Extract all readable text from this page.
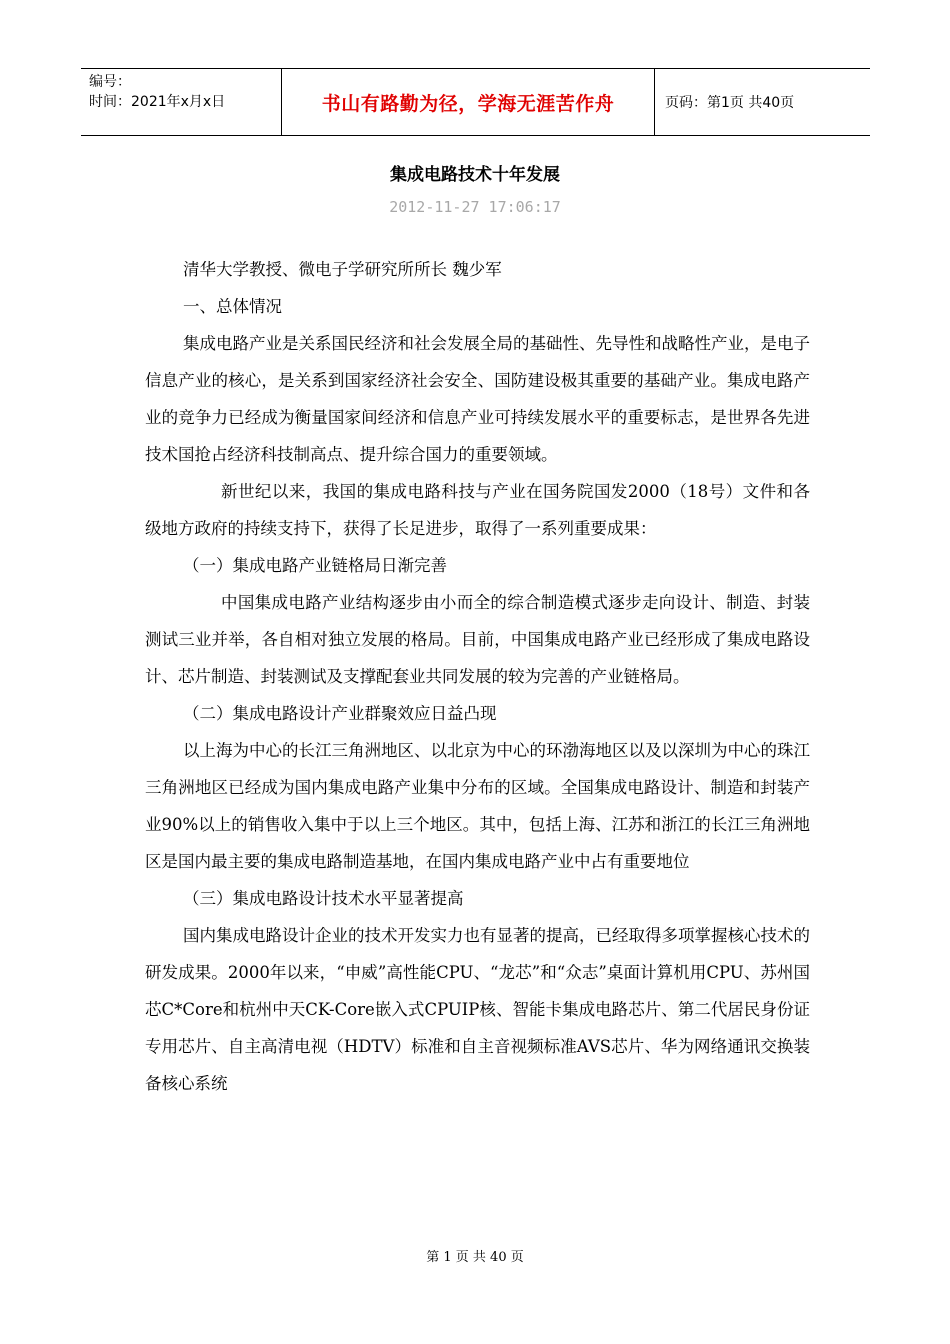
编号：
时间：2021年x月x日	书山有路勤为径，学海无涯苦作舟	页码：第1页 共40页
集成电路技术十年发展
2012-11-27 17:06:17

清华大学教授、微电子学研究所所长 魏少军

一、总体情况

集成电路产业是关系国民经济和社会发展全局的基础性、先导性和战略性产业，是电子信息产业的核心，是关系到国家经济社会安全、国防建设极其重要的基础产业。集成电路产业的竞争力已经成为衡量国家间经济和信息产业可持续发展水平的重要标志，是世界各先进技术国抢占经济科技制高点、提升综合国力的重要领域。

新世纪以来，我国的集成电路科技与产业在国务院国发2000（18号）文件和各级地方政府的持续支持下，获得了长足进步，取得了一系列重要成果：

（一）集成电路产业链格局日渐完善

中国集成电路产业结构逐步由小而全的综合制造模式逐步走向设计、制造、封装测试三业并举，各自相对独立发展的格局。目前，中国集成电路产业已经形成了集成电路设计、芯片制造、封装测试及支撑配套业共同发展的较为完善的产业链格局。

（二）集成电路设计产业群聚效应日益凸现

以上海为中心的长江三角洲地区、以北京为中心的环渤海地区以及以深圳为中心的珠江三角洲地区已经成为国内集成电路产业集中分布的区域。全国集成电路设计、制造和封装产业90%以上的销售收入集中于以上三个地区。其中，包括上海、江苏和浙江的长江三角洲地区是国内最主要的集成电路制造基地，在国内集成电路产业中占有重要地位

（三）集成电路设计技术水平显著提高

国内集成电路设计企业的技术开发实力也有显著的提高，已经取得多项掌握核心技术的研发成果。2000年以来，“申威”高性能CPU、“龙芯”和“众志”桌面计算机用CPU、苏州国芯C*Core和杭州中天CK-Core嵌入式CPUIP核、智能卡集成电路芯片、第二代居民身份证专用芯片、自主高清电视（HDTV）标准和自主音视频标准AVS芯片、华为网络通讯交换装备核心系统

第 1 页 共 40 页
